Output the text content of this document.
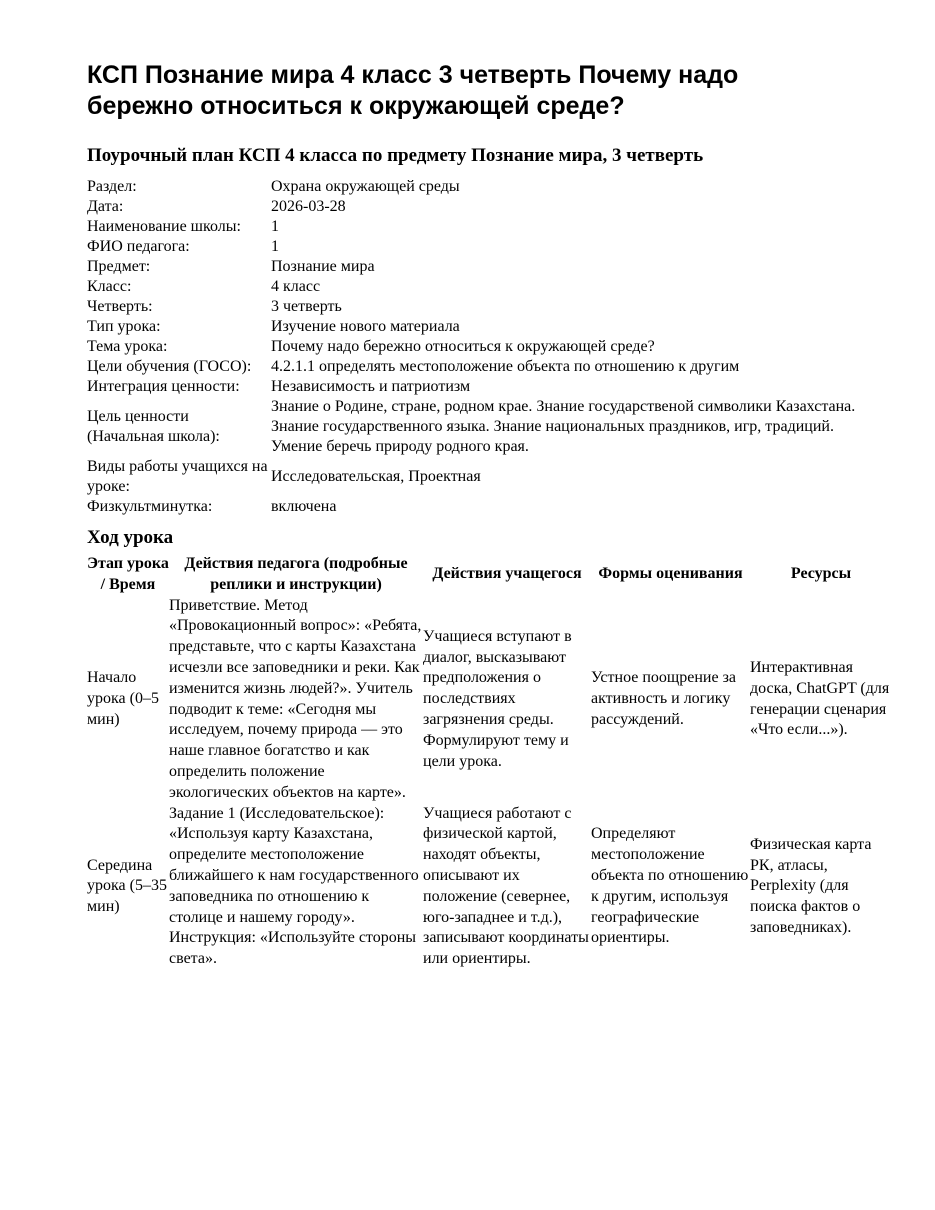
КСП Познание мира 4 класс 3 четверть Почему надо бережно относиться к окружающей среде?
Поурочный план КСП 4 класса по предмету Познание мира, 3 четверть
Раздел:	Охрана окружающей среды
Дата:	2026-03-28
Наименование школы:	1
ФИО педагога:	1
Предмет:	Познание мира
Класс:	4 класс
Четверть:	3 четверть
Тип урока:	Изучение нового материала
Тема урока:	Почему надо бережно относиться к окружающей среде?
Цели обучения (ГОСО):	4.2.1.1 определять местоположение объекта по отношению к другим
Интеграция ценности:	Независимость и патриотизм
Цель ценности (Начальная школа):	Знание о Родине, стране, родном крае. Знание государственой символики Казахстана. Знание государственного языка. Знание национальных праздников, игр, традиций. Умение беречь природу родного края.
Виды работы учащихся на уроке:	Исследовательская, Проектная
Физкультминутка:	включена
Ход урока
Этап урока / Время	Действия педагога (подробные реплики и инструкции)	Действия учащегося	Формы оценивания	Ресурсы
Начало урока (0–5 мин)	Приветствие. Метод «Провокационный вопрос»: «Ребята, представьте, что с карты Казахстана исчезли все заповедники и реки. Как изменится жизнь людей?». Учитель подводит к теме: «Сегодня мы исследуем, почему природа — это наше главное богатство и как определить положение экологических объектов на карте».	Учащиеся вступают в диалог, высказывают предположения о последствиях загрязнения среды. Формулируют тему и цели урока.	Устное поощрение за активность и логику рассуждений.	Интерактивная доска, ChatGPT (для генерации сценария «Что если...»).
Середина урока (5–35 мин)	Задание 1 (Исследовательское): «Используя карту Казахстана, определите местоположение ближайшего к нам государственного заповедника по отношению к столице и нашему городу». Инструкция: «Используйте стороны света».	Учащиеся работают с физической картой, находят объекты, описывают их положение (севернее, юго-западнее и т.д.), записывают координаты или ориентиры.	Определяют местоположение объекта по отношению к другим, используя географические ориентиры.	Физическая карта РК, атласы, Perplexity (для поиска фактов о заповедниках).
